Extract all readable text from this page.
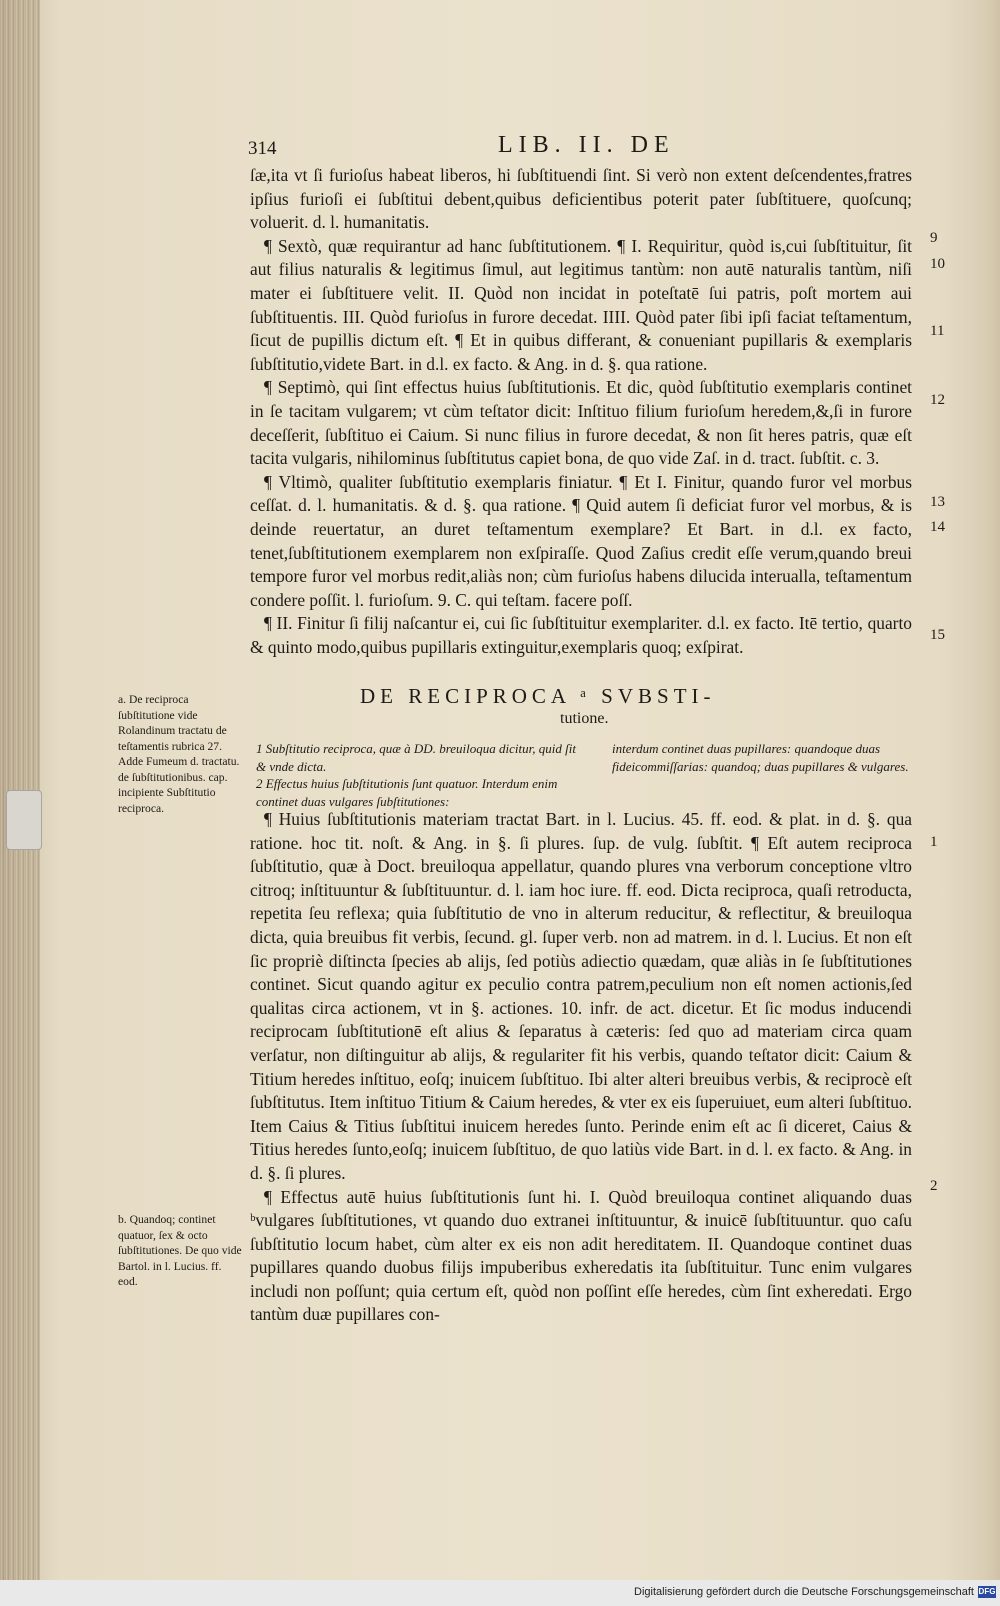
314	LIB. II. DE

ſæ,ita vt ſi furioſus habeat liberos, hi ſubſtituendi ſint. Si verò non extent deſcendentes,fratres ipſius furioſi ei ſubſtitui debent,quibus deficientibus poterit pater ſubſtituere, quoſcunq; voluerit. d. l. humanitatis.

¶ Sextò, quæ requirantur ad hanc ſubſtitutionem. ¶ I. Requiritur, quòd is,cui ſubſtituitur, ſit aut filius naturalis & legitimus ſimul, aut legitimus tantùm: non autē naturalis tantùm, niſi mater ei ſubſtituere velit. II. Quòd non incidat in poteſtatē ſui patris, poſt mortem aui ſubſtituentis. III. Quòd furioſus in furore decedat. IIII. Quòd pater ſibi ipſi faciat teſtamentum, ſicut de pupillis dictum eſt. ¶ Et in quibus differant, & conueniant pupillaris & exemplaris ſubſtitutio,videte Bart. in d.l. ex facto. & Ang. in d. §. qua ratione.

¶ Septimò, qui ſint effectus huius ſubſtitutionis. Et dic, quòd ſubſtitutio exemplaris continet in ſe tacitam vulgarem; vt cùm teſtator dicit: Inſtituo filium furioſum heredem,&,ſi in furore deceſſerit, ſubſtituo ei Caium. Si nunc filius in furore decedat, & non ſit heres patris, quæ eſt tacita vulgaris, nihilominus ſubſtitutus capiet bona, de quo vide Zaſ. in d. tract. ſubſtit. c. 3.

¶ Vltimò, qualiter ſubſtitutio exemplaris finiatur. ¶ Et I. Finitur, quando furor vel morbus ceſſat. d. l. humanitatis. & d. §. qua ratione. ¶ Quid autem ſi deficiat furor vel morbus, & is deinde reuertatur, an duret teſtamentum exemplare? Et Bart. in d.l. ex facto, tenet,ſubſtitutionem exemplarem non exſpiraſſe. Quod Zaſius credit eſſe verum,quando breui tempore furor vel morbus redit,aliàs non; cùm furioſus habens dilucida interualla, teſtamentum condere poſſit. l. furioſum. 9. C. qui teſtam. facere poſſ.

¶ II. Finitur ſi filij naſcantur ei, cui ſic ſubſtituitur exemplariter. d.l. ex facto. Itē tertio, quarto & quinto modo,quibus pupillaris extinguitur,exemplaris quoq; exſpirat.

9
10
11
12
13
14
15
1
2
DE RECIPROCA ᵃ SVBSTI-
tutione.
1 Subſtitutio reciproca, quæ à DD. breuiloqua dicitur, quid ſit & vnde dicta.
2 Effectus huius ſubſtitutionis ſunt quatuor. Interdum enim continet duas vulgares ſubſtitutiones:
interdum continet duas pupillares: quandoque duas fideicommiſſarias: quandoq; duas pupillares & vulgares.
a. De reciproca ſubſtitutione vide Rolandinum tractatu de teſtamentis rubrica 27. Adde Fumeum d. tractatu. de ſubſtitutionibus. cap. incipiente Subſtitutio reciproca.
b. Quandoq; continet quatuor, ſex & octo ſubſtitutiones. De quo vide Bartol. in l. Lucius. ff. eod.

¶ Huius ſubſtitutionis materiam tractat Bart. in l. Lucius. 45. ff. eod. & plat. in d. §. qua ratione. hoc tit. noſt. & Ang. in §. ſi plures. ſup. de vulg. ſubſtit. ¶ Eſt autem reciproca ſubſtitutio, quæ à Doct. breuiloqua appellatur, quando plures vna verborum conceptione vltro citroq; inſtituuntur & ſubſtituuntur. d. l. iam hoc iure. ff. eod. Dicta reciproca, quaſi retroducta, repetita ſeu reflexa; quia ſubſtitutio de vno in alterum reducitur, & reflectitur, & breuiloqua dicta, quia breuibus fit verbis, ſecund. gl. ſuper verb. non ad matrem. in d. l. Lucius. Et non eſt ſic propriè diſtincta ſpecies ab alijs, ſed potiùs adiectio quædam, quæ aliàs in ſe ſubſtitutiones continet. Sicut quando agitur ex peculio contra patrem,peculium non eſt nomen actionis,ſed qualitas circa actionem, vt in §. actiones. 10. infr. de act. dicetur. Et ſic modus inducendi reciprocam ſubſtitutionē eſt alius & ſeparatus à cæteris: ſed quo ad materiam circa quam verſatur, non diſtinguitur ab alijs, & regulariter fit his verbis, quando teſtator dicit: Caium & Titium heredes inſtituo, eoſq; inuicem ſubſtituo. Ibi alter alteri breuibus verbis, & reciprocè eſt ſubſtitutus. Item inſtituo Titium & Caium heredes, & vter ex eis ſuperuiuet, eum alteri ſubſtituo. Item Caius & Titius ſubſtitui inuicem heredes ſunto. Perinde enim eſt ac ſi diceret, Caius & Titius heredes ſunto,eoſq; inuicem ſubſtituo, de quo latiùs vide Bart. in d. l. ex facto. & Ang. in d. §. ſi plures.

¶ Effectus autē huius ſubſtitutionis ſunt hi. I. Quòd breuiloqua continet aliquando duas ᵇvulgares ſubſtitutiones, vt quando duo extranei inſtituuntur, & inuicē ſubſtituuntur. quo caſu ſubſtitutio locum habet, cùm alter ex eis non adit hereditatem. II. Quandoque continet duas pupillares quando duobus filijs impuberibus exheredatis ita ſubſtituitur. Tunc enim vulgares includi non poſſunt; quia certum eſt, quòd non poſſint eſſe heredes, cùm ſint exheredati. Ergo tantùm duæ pupillares con-

Digitalisierung gefördert durch die Deutsche Forschungsgemeinschaft DFG
